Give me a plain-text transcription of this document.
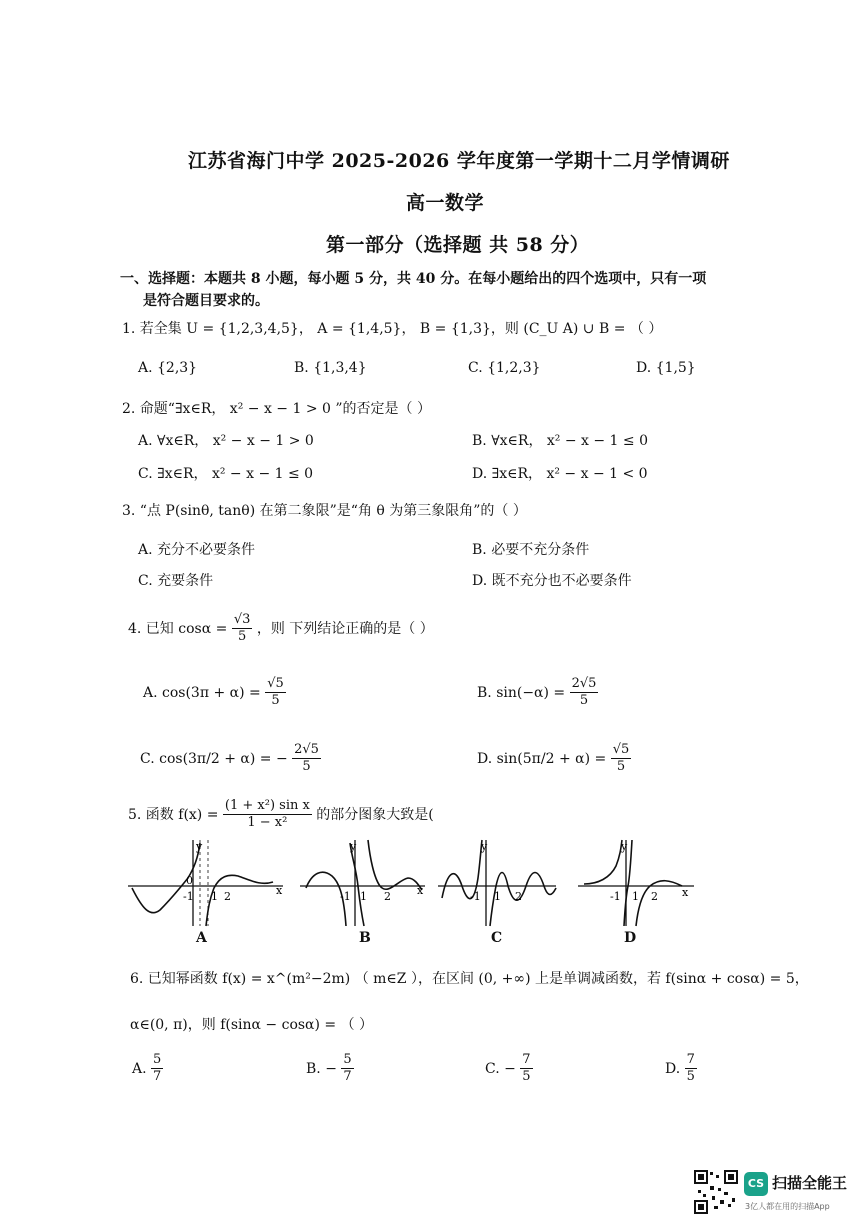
江苏省海门中学 2025-2026 学年度第一学期十二月学情调研
高一数学
第一部分（选择题 共 58 分）
一、选择题：本题共 8 小题，每小题 5 分，共 40 分。在每小题给出的四个选项中，只有一项
是符合题目要求的。
1. 若全集 U = {1,2,3,4,5}， A = {1,4,5}， B = {1,3}，则 (C_U A) ∪ B = （ ）
A. {2,3}	B. {1,3,4}	C. {1,2,3}	D. {1,5}
2. 命题“∃x∈R， x² − x − 1 > 0 ”的否定是（ ）
A. ∀x∈R， x² − x − 1 > 0	B. ∀x∈R， x² − x − 1 ≤ 0
C. ∃x∈R， x² − x − 1 ≤ 0	D. ∃x∈R， x² − x − 1 < 0
3. “点 P(sinθ, tanθ) 在第二象限”是“角 θ 为第三象限角”的（ ）
A. 充分不必要条件	B. 必要不充分条件
C. 充要条件	D. 既不充分也不必要条件
4. 已知 $\cos\alpha = \frac{√3}{5}$ ，则 下列结论正确的是（ ）
A. $\cos(3\pi + \alpha) = \frac{√5}{5}$	B. $\sin(-\alpha) = \frac{2√5}{5}$
C. cos(3π/2 + α) = − $\frac{2√5}{5}$	D. $\sin(5\pi/2 + \alpha) = \frac{√5}{5}$
5. 函数 $f(x) = \frac{\text{(1 + x²) sin x}}{\text{1 − x²}}$ 的部分图象大致是(
0
y
-1 1 2	x
A
-1 1 2 x
y
B
-1 1 2
y
C
-1 1 2 x
y
D
6. 已知幂函数 f(x) = x^(m²−2m) （ m∈Z ），在区间 (0, +∞) 上是单调减函数，若 f(sinα + cosα) = 5，
α∈(0, π)，则 f(sinα − cosα) = （ ）
A. $\frac{5}{7}$	B. − $\frac{5}{7}$	C. − $\frac{7}{5}$	D. $\frac{7}{5}$
CS 扫描全能王
3亿人都在用的扫描App
